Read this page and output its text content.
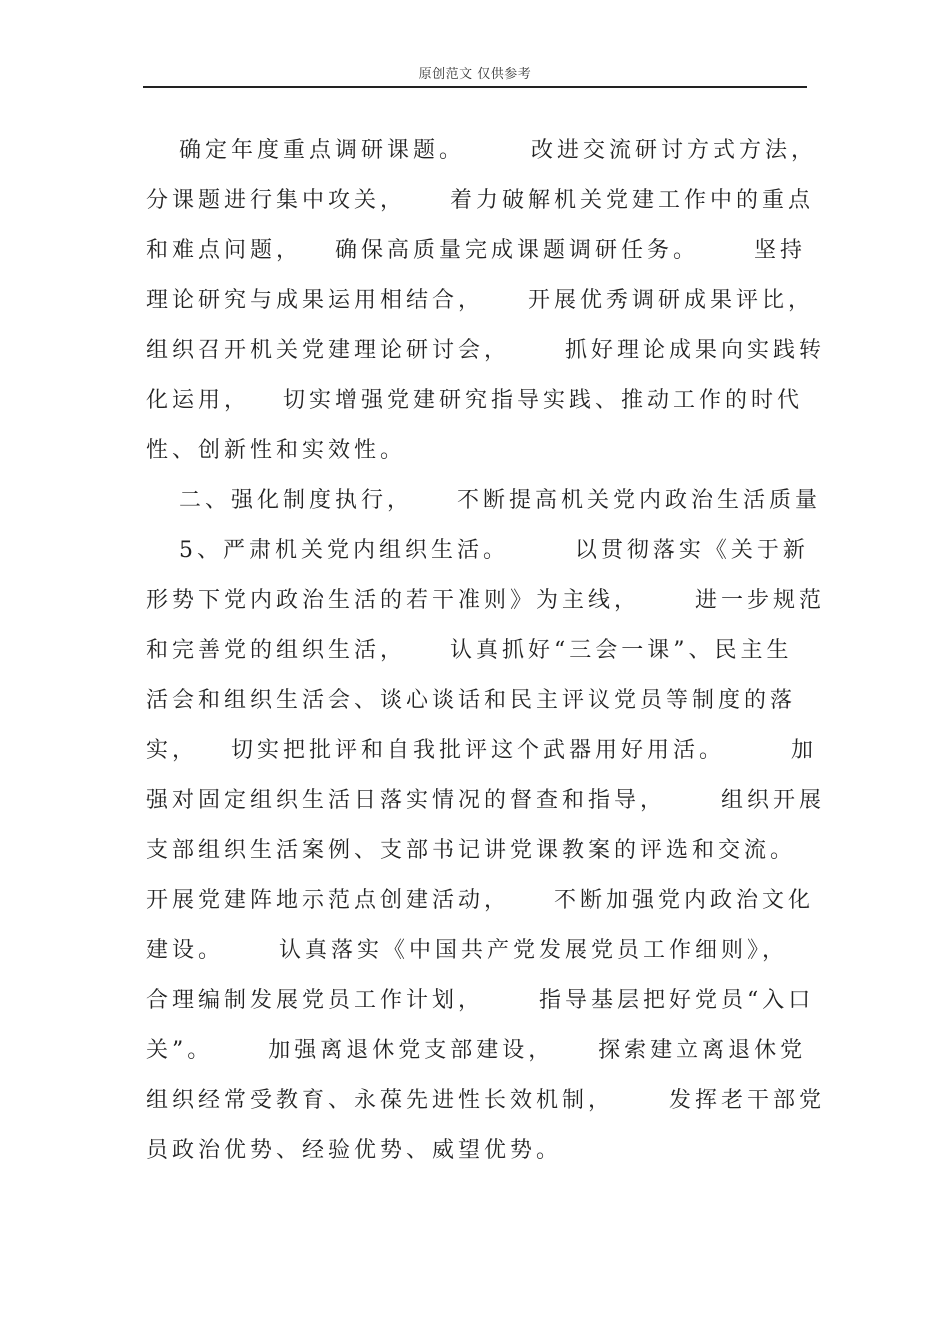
原创范文 仅供参考
确定年度重点调研课题。      改进交流研讨方式方法，
分课题进行集中攻关，    着力破解机关党建工作中的重点
和难点问题，   确保高质量完成课题调研任务。     坚持
理论研究与成果运用相结合，    开展优秀调研成果评比，
组织召开机关党建理论研讨会，     抓好理论成果向实践转
化运用，   切实增强党建研究指导实践、推动工作的时代
性、创新性和实效性。
二、强化制度执行，    不断提高机关党内政治生活质量
5、严肃机关党内组织生活。      以贯彻落实《关于新
形势下党内政治生活的若干准则》为主线，     进一步规范
和完善党的组织生活，    认真抓好“三会一课”、民主生
活会和组织生活会、谈心谈话和民主评议党员等制度的落
实，   切实把批评和自我批评这个武器用好用活。      加
强对固定组织生活日落实情况的督查和指导，     组织开展
支部组织生活案例、支部书记讲党课教案的评选和交流。
开展党建阵地示范点创建活动，    不断加强党内政治文化
建设。     认真落实《中国共产党发展党员工作细则》，
合理编制发展党员工作计划，     指导基层把好党员“入口
关”。     加强离退休党支部建设，    探索建立离退休党
组织经常受教育、永葆先进性长效机制，     发挥老干部党
员政治优势、经验优势、威望优势。
